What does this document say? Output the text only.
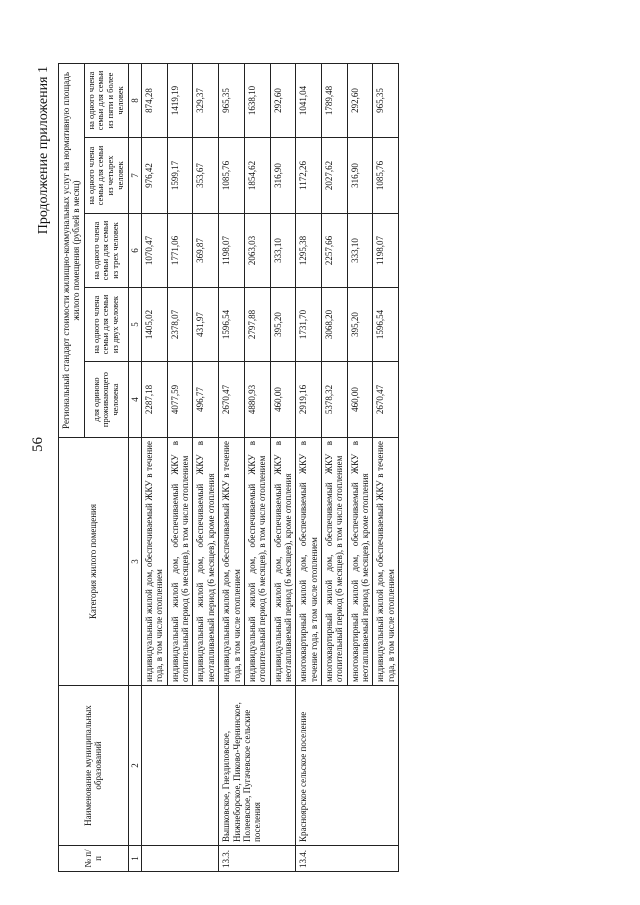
56
Продолжение приложения 1
№ п/п	Наименование муниципальных образований	Категория жилого помещения	Региональный стандарт стоимости жилищно-коммунальных услуг на нормативную площадь жилого помещения (рублей в месяц)				
			для одиноко проживающего человека	на одного члена семьи для семьи из двух человек	на одного члена семьи для семьи из трех человек	на одного члена семьи для семьи из четырех человек	на одного члена семьи для семьи из пяти и более человек
1	2	3	4	5	6	7	8
		индивидуальный жилой дом, обеспечиваемый ЖКУ в течение года, в том числе отоплением	2287,18	1405,02	1070,47	976,42	874,28
		индивидуальный жилой дом, обеспечиваемый ЖКУ в отопительный период (6 месяцев), в том числе отоплением	4077,59	2378,07	1771,06	1599,17	1419,19
		индивидуальный жилой дом, обеспечиваемый ЖКУ в неотапливаемый период (6 месяцев), кроме отопления	496,77	431,97	369,87	353,67	329,37
13.3.	Вышковское, Гнездиловское, Нижнеборское, Пиково-Чернинское, Полеевское, Пугачевское сельские поселения	индивидуальный жилой дом, обеспечиваемый ЖКУ в течение года, в том числе отоплением	2670,47	1596,54	1198,07	1085,76	965,35
		индивидуальный жилой дом, обеспечиваемый ЖКУ в отопительный период (6 месяцев), в том числе отоплением	4880,93	2797,88	2063,03	1854,62	1638,10
		индивидуальный жилой дом, обеспечиваемый ЖКУ в неотапливаемый период (6 месяцев), кроме отопления	460,00	395,20	333,10	316,90	292,60
13.4.	Красноярское сельское поселение	многоквартирный жилой дом, обеспечиваемый ЖКУ в течение года, в том числе отоплением	2919,16	1731,70	1295,38	1172,26	1041,04
		многоквартирный жилой дом, обеспечиваемый ЖКУ в отопительный период (6 месяцев), в том числе отоплением	5378,32	3068,20	2257,66	2027,62	1789,48
		многоквартирный жилой дом, обеспечиваемый ЖКУ в неотапливаемый период (6 месяцев), кроме отопления	460,00	395,20	333,10	316,90	292,60
		индивидуальный жилой дом, обеспечиваемый ЖКУ в течение года, в том числе отоплением	2670,47	1596,54	1198,07	1085,76	965,35
